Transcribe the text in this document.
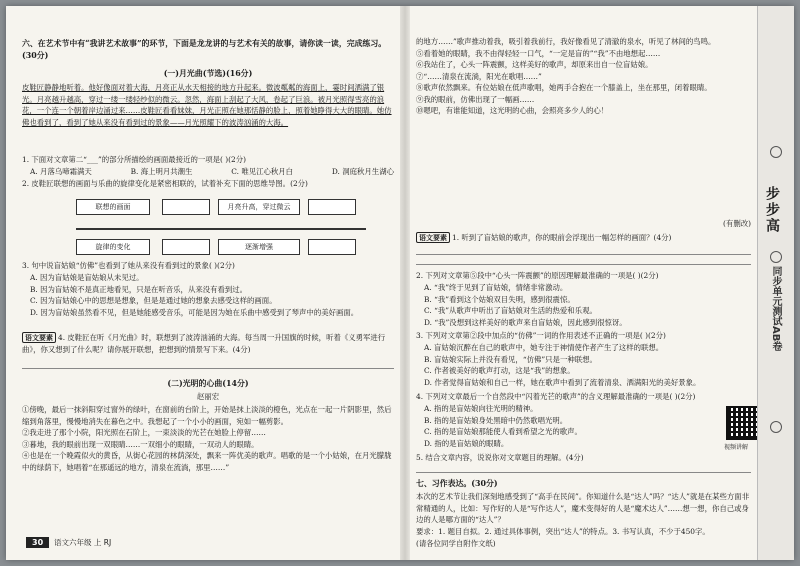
六、在艺术节中有“我讲艺术故事”的环节，下面是龙龙讲的与艺术有关的故事，请你读一读，完成练习。(30分)
(一)月光曲(节选)(16分)
皮鞋匠静静地听着。他好像面对着大海，月亮正从水天相接的地方升起来。微波粼粼的海面上，霎时间洒满了银光。月亮越升越高，穿过一缕一缕轻纱似的微云。忽然，海面上刮起了大风，卷起了巨浪。被月光照得雪亮的浪花，一个连一个朝着岸边涌过来……皮鞋匠看看妹妹，月光正照在她那恬静的脸上，照着她睁得大大的眼睛。她仿佛也看到了，看到了她从来没有看到过的景象——月光照耀下的波涛汹涌的大海。
1. 下面对文章第二“___”的部分所描绘的画面最接近的一项是( )(2分)
A. 月落乌啼霜满天	B. 海上明月共潮生	C. 唯见江心秋月白	D. 洞庭秋月生湖心
2. 皮鞋匠联想的画面与乐曲的旋律变化是紧密相联的，试着补充下面的思维导图。(2分)
联想的画面	月亮升高，穿过微云
旋律的变化	逐渐增强
3. 句中说盲姑娘“仿佛”也看到了她从来没有看到过的景象( )(2分)
A. 因为盲姑娘是盲姑娘从未见过。
B. 因为盲姑娘不是真正地看见，只是在听音乐，从来没有看到过。
C. 因为盲姑娘心中的思想是想象，但是是通过她的想象去感受这样的画面。
D. 因为盲姑娘虽然看不见，但是她能感受音乐，可能是因为她在乐曲中感受到了琴声中的美好画面。
语文要素 4. 皮鞋匠在听《月光曲》时，联想到了波涛汹涌的大海。每当周一升国旗的时候，听着《义勇军进行曲》，你又想到了什么呢？请你展开联想，把想到的情景写下来。(4分)
(二)光明的心曲(14分)
赵丽宏
①傍晚，最后一抹斜阳穿过窗外的绿叶，在窗前的台阶上，开始是抹上淡淡的橙色，光点在一起一片阴影里，然后缩到角落里，慢慢地消失在暮色之中。我想起了一个小小的画面，宛如一幅剪影。
②我走进了那个小院，阳光照在石阶上，一束淡淡的光芒在她脸上停留……
③暮地，我的眼前出现一双眼睛……一双细小的眼睛，一双动人的眼睛。
④也是在一个晚霞似火的黄昏，从街心花园的林荫深处，飘来一阵优美的歌声。唱歌的是一个小姑娘，在月光朦胧中的绿荫下，她唱着“在那遥远的地方，清泉在流淌，那里……”
30	语文六年级 上 RJ
的地方……”歌声推动着我，吸引着我前行，我好像看见了清澈的泉水，听见了林间的鸟鸣。
⑤看着她的眼睛，我不由得轻轻一口气，“一定是盲的”“我”不由地想起……
⑥我站住了，心头一阵震颤，这样美好的歌声，却原来出自一位盲姑娘。
⑦“……清泉在流淌，阳光在歌唱……”
⑧歌声依然飘来。有位姑娘在低声歌唱，她两手合抱在一个膝盖上，坐在那里，闭着眼睛。
⑨我的眼前，仿佛出现了一幅画……
⑩嗯吧，有谁能知道，这光明的心曲，会照亮多少人的心！
(有删改)
语文要素 1. 听到了盲姑娘的歌声，你的眼前会浮现出一幅怎样的画面？(4分)
2. 下列对文章第⑤段中“心头一阵震颤”的原因理解最准确的一项是( )(2分)
A. “我”终于见到了盲姑娘，情绪非常激动。
B. “我”看到这个姑娘双目失明，感到很震惊。
C. “我”从歌声中听出了盲姑娘对生活的热爱和乐观。
D. “我”没想到这样美好的歌声来自盲姑娘，因此感到很惊讶。
3. 下列对文章第②段中加点的“仿佛”一词的作用表述不正确的一项是( )(2分)
A. 盲姑娘沉醉在自己的歌声中，她专注于神情使作者产生了这样的联想。
B. 盲姑娘实际上并没有看见，“仿佛”只是一种联想。
C. 作者被美好的歌声打动，这是“我”的想象。
D. 作者觉得盲姑娘和自己一样，她在歌声中看到了流着清泉、洒满阳光的美好景象。
4. 下列对文章最后一个自然段中“闪着光芒的歌声”的含义理解最准确的一项是( )(2分)
A. 指的是盲姑娘向往光明的精神。
B. 指的是盲姑娘身处黑暗中仍然歌唱光明。
C. 指的是盲姑娘那能使人看到希望之光的歌声。
D. 指的是盲姑娘的眼睛。	视频讲解
5. 结合文章内容，说说你对文章题目的理解。(4分)
七、习作表达。(30分)
本次的艺术节让我们深刻地感受到了“高手在民间”。你知道什么是“达人”吗？“达人”就是在某些方面非常精通的人，比如：写作好的人是“写作达人”，魔术变得好的人是“魔术达人”……想一想，你自己或身边的人是哪方面的“达人”？
要求：1. 题目自拟。2. 通过具体事例，突出“达人”的特点。3. 书写认真，不少于450字。
(请各位同学自附作文纸)
步步高
同步单元测试AB卷
